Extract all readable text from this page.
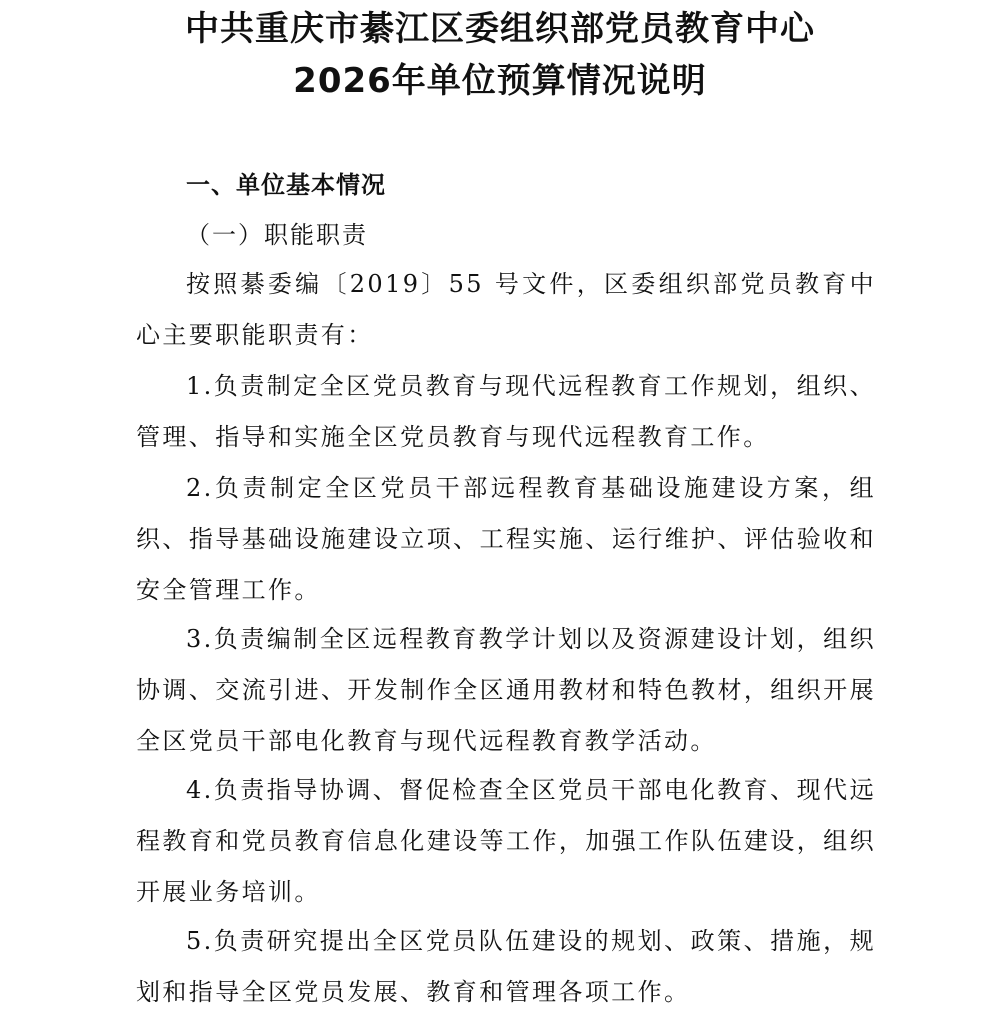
中共重庆市綦江区委组织部党员教育中心
2026年单位预算情况说明
一、单位基本情况
（一）职能职责

按照綦委编〔2019〕55 号文件，区委组织部党员教育中心主要职能职责有：

1.负责制定全区党员教育与现代远程教育工作规划，组织、管理、指导和实施全区党员教育与现代远程教育工作。

2.负责制定全区党员干部远程教育基础设施建设方案，组织、指导基础设施建设立项、工程实施、运行维护、评估验收和安全管理工作。

3.负责编制全区远程教育教学计划以及资源建设计划，组织协调、交流引进、开发制作全区通用教材和特色教材，组织开展全区党员干部电化教育与现代远程教育教学活动。

4.负责指导协调、督促检查全区党员干部电化教育、现代远程教育和党员教育信息化建设等工作，加强工作队伍建设，组织开展业务培训。

5.负责研究提出全区党员队伍建设的规划、政策、措施，规划和指导全区党员发展、教育和管理各项工作。
